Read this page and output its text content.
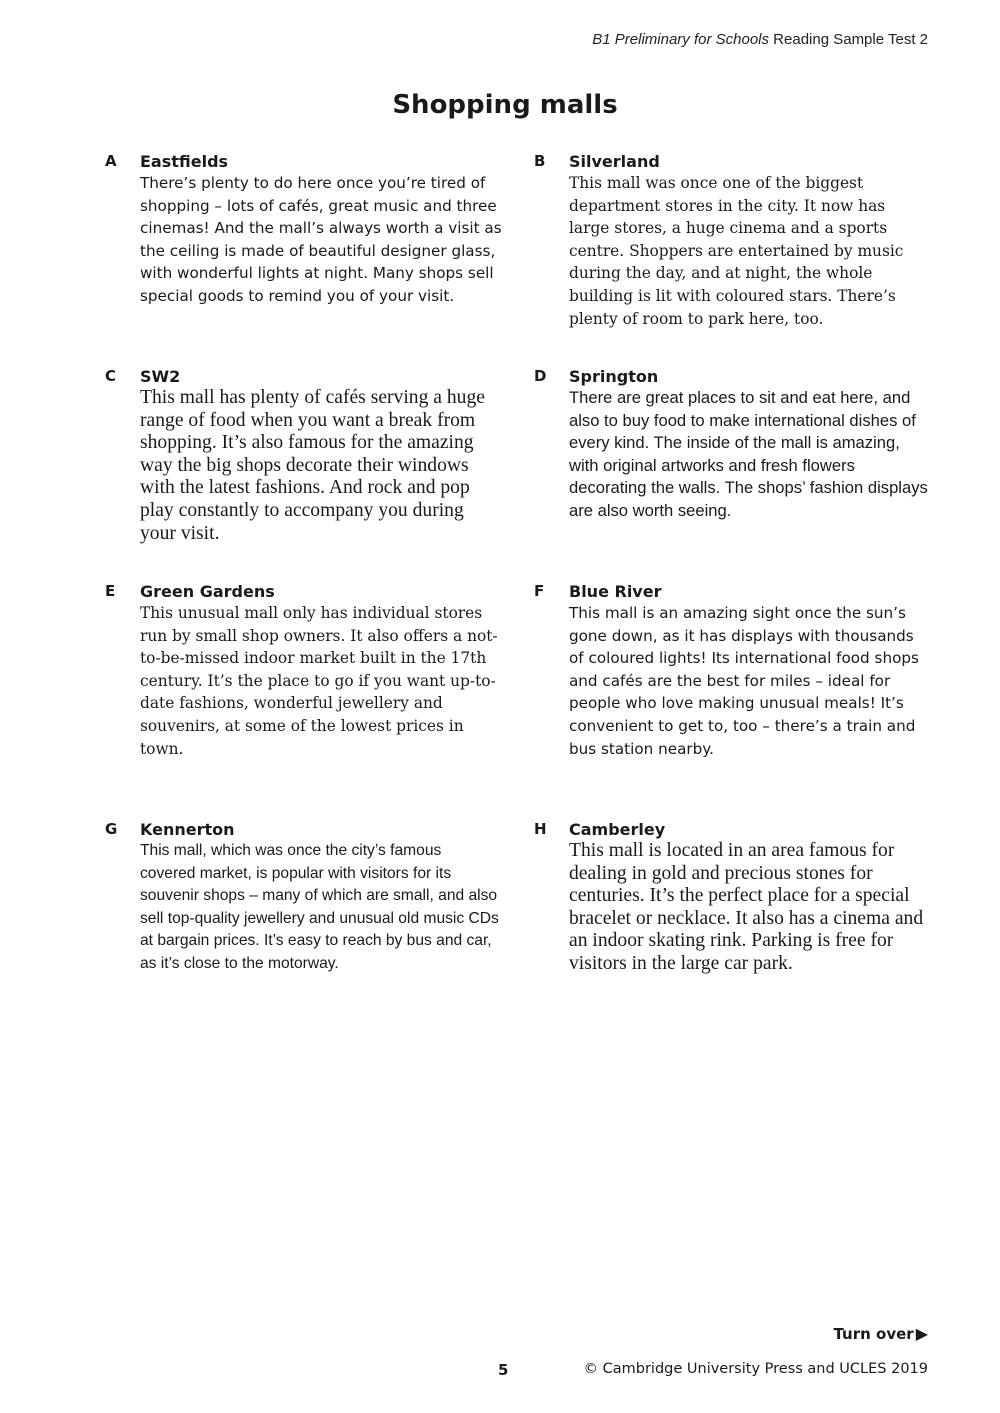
B1 Preliminary for Schools Reading Sample Test 2
Shopping malls
A Eastfields

There’s plenty to do here once you’re tired of shopping – lots of cafés, great music and three cinemas! And the mall’s always worth a visit as the ceiling is made of beautiful designer glass, with wonderful lights at night. Many shops sell special goods to remind you of your visit.

B Silverland

This mall was once one of the biggest department stores in the city. It now has large stores, a huge cinema and a sports centre. Shoppers are entertained by music during the day, and at night, the whole building is lit with coloured stars. There’s plenty of room to park here, too.

C SW2

This mall has plenty of cafés serving a huge range of food when you want a break from shopping. It’s also famous for the amazing way the big shops decorate their windows with the latest fashions. And rock and pop play constantly to accompany you during your visit.

D Springton

There are great places to sit and eat here, and also to buy food to make international dishes of every kind. The inside of the mall is amazing, with original artworks and fresh flowers decorating the walls. The shops’ fashion displays are also worth seeing.

E Green Gardens

This unusual mall only has individual stores run by small shop owners. It also offers a not-to-be-missed indoor market built in the 17th century. It’s the place to go if you want up-to-date fashions, wonderful jewellery and souvenirs, at some of the lowest prices in town.

F Blue River

This mall is an amazing sight once the sun’s gone down, as it has displays with thousands of coloured lights! Its international food shops and cafés are the best for miles – ideal for people who love making unusual meals! It’s convenient to get to, too – there’s a train and bus station nearby.

G Kennerton

This mall, which was once the city’s famous covered market, is popular with visitors for its souvenir shops – many of which are small, and also sell top-quality jewellery and unusual old music CDs at bargain prices. It’s easy to reach by bus and car, as it’s close to the motorway.

H Camberley

This mall is located in an area famous for dealing in gold and precious stones for centuries. It’s the perfect place for a special bracelet or necklace. It also has a cinema and an indoor skating rink. Parking is free for visitors in the large car park.

Turn over ▶
5	© Cambridge University Press and UCLES 2019
